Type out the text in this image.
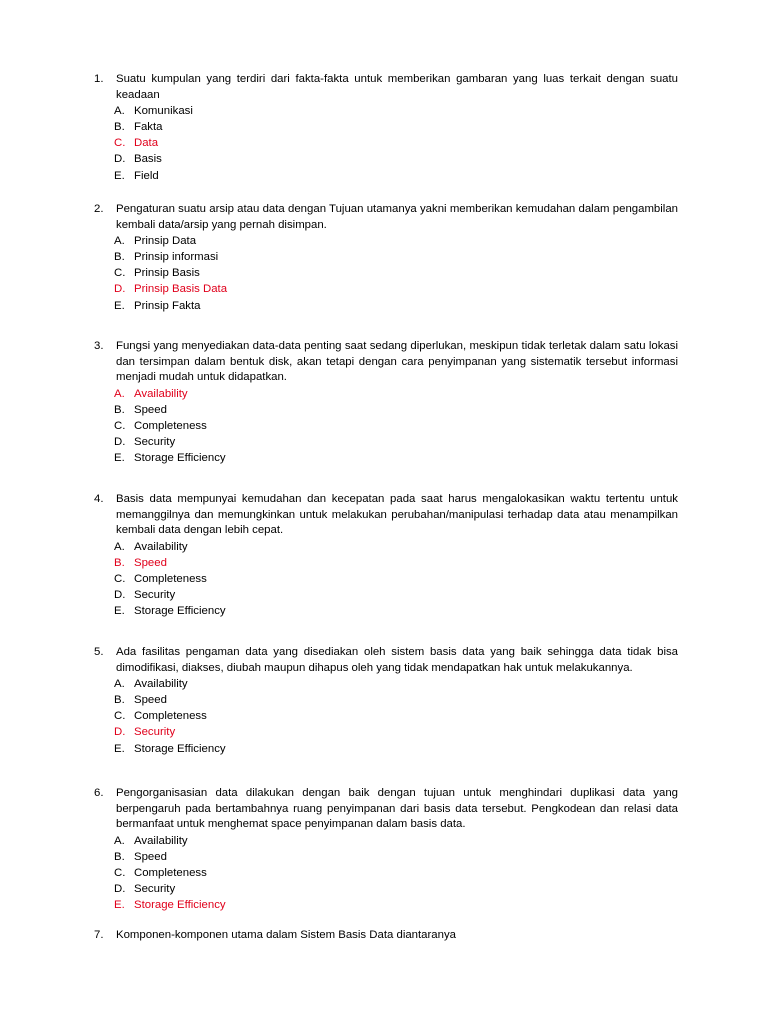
1.	Suatu kumpulan yang terdiri dari fakta-fakta untuk memberikan gambaran yang luas terkait dengan suatu keadaan
A. Komunikasi
B. Fakta
C. Data
D. Basis
E. Field
2.	Pengaturan suatu arsip atau data dengan Tujuan utamanya yakni memberikan kemudahan dalam pengambilan kembali data/arsip yang pernah disimpan.
A. Prinsip Data
B. Prinsip informasi
C. Prinsip Basis
D. Prinsip Basis Data
E. Prinsip Fakta
3.	Fungsi yang menyediakan data-data penting saat sedang diperlukan, meskipun tidak terletak dalam satu lokasi dan tersimpan dalam bentuk disk, akan tetapi dengan cara penyimpanan yang sistematik tersebut informasi menjadi mudah untuk didapatkan.
A. Availability
B. Speed
C. Completeness
D. Security
E. Storage Efficiency
4.	Basis data mempunyai kemudahan dan kecepatan pada saat harus mengalokasikan waktu tertentu untuk memanggilnya dan memungkinkan untuk melakukan perubahan/manipulasi terhadap data atau menampilkan kembali data dengan lebih cepat.
A. Availability
B. Speed
C. Completeness
D. Security
E. Storage Efficiency
5.	Ada fasilitas pengaman data yang disediakan oleh sistem basis data yang baik sehingga data tidak bisa dimodifikasi, diakses, diubah maupun dihapus oleh yang tidak mendapatkan hak untuk melakukannya.
A. Availability
B. Speed
C. Completeness
D. Security
E. Storage Efficiency
6.	Pengorganisasian data dilakukan dengan baik dengan tujuan untuk menghindari duplikasi data yang berpengaruh pada bertambahnya ruang penyimpanan dari basis data tersebut. Pengkodean dan relasi data bermanfaat untuk menghemat space penyimpanan dalam basis data.
A. Availability
B. Speed
C. Completeness
D. Security
E. Storage Efficiency
7.	Komponen-komponen utama dalam Sistem Basis Data diantaranya
